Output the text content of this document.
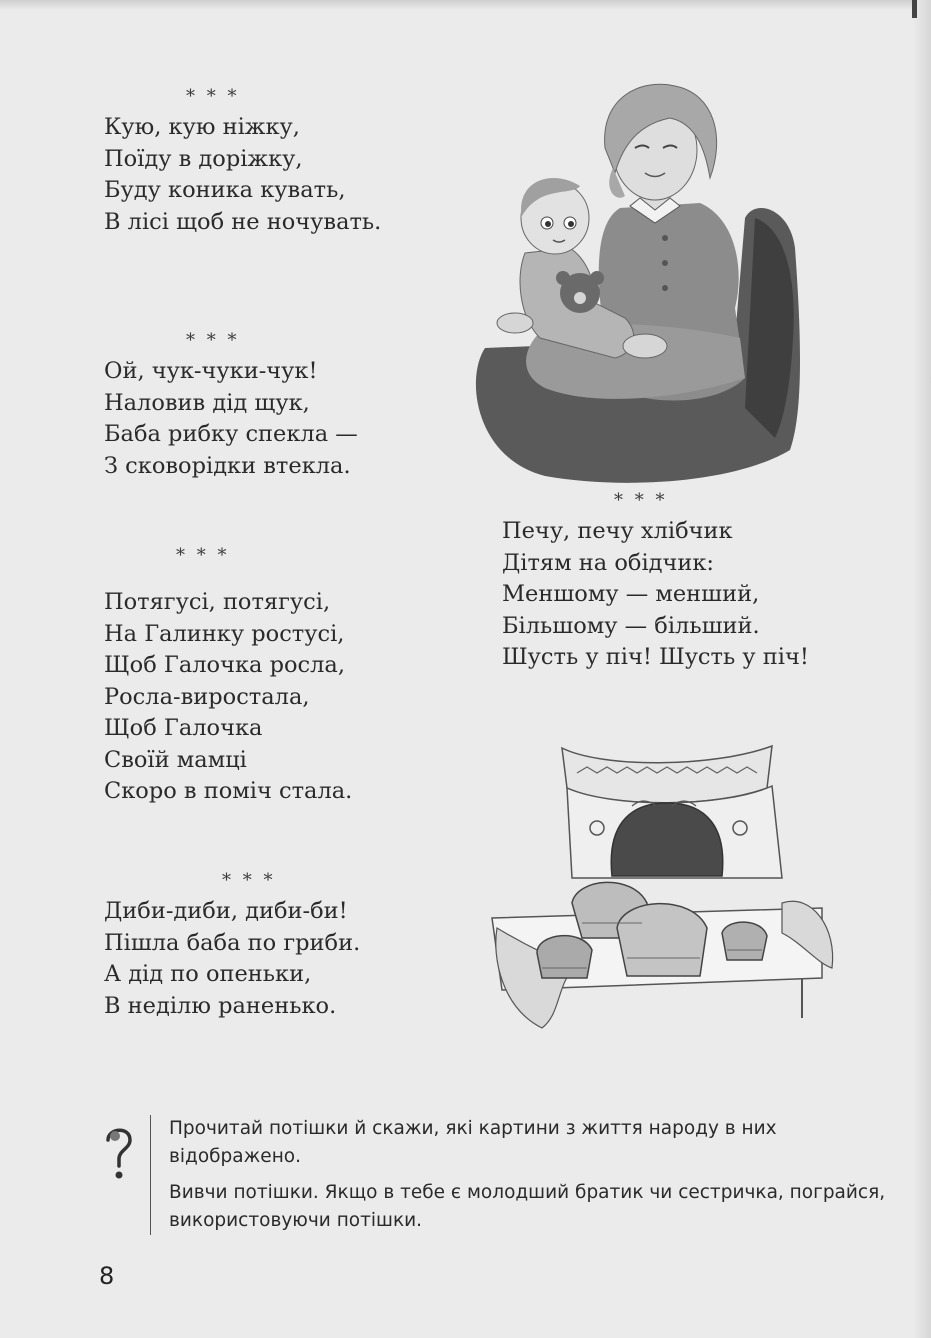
* * *
Кую, кую ніжку,
Поїду в доріжку,
Буду коника кувать,
В лісі щоб не ночувать.
* * *
Ой, чук-чуки-чук!
Наловив дід щук,
Баба рибку спекла —
З сковорідки втекла.
* * *
Потягусі, потягусі,
На Галинку ростусі,
Щоб Галочка росла,
Росла-виростала,
Щоб Галочка
Своїй мамці
Скоро в поміч стала.
* * *
Диби-диби, диби-би!
Пішла баба по гриби.
А дід по опеньки,
В неділю раненько.
* * *
Печу, печу хлібчик
Дітям на обідчик:
Меншому — менший,
Більшому — більший.
Шусть у піч! Шусть у піч!

Прочитай потішки й скажи, які картини з життя народу в них відображено.

Вивчи потішки. Якщо в тебе є молодший братик чи сестричка, пограйся, використовуючи потішки.

8
